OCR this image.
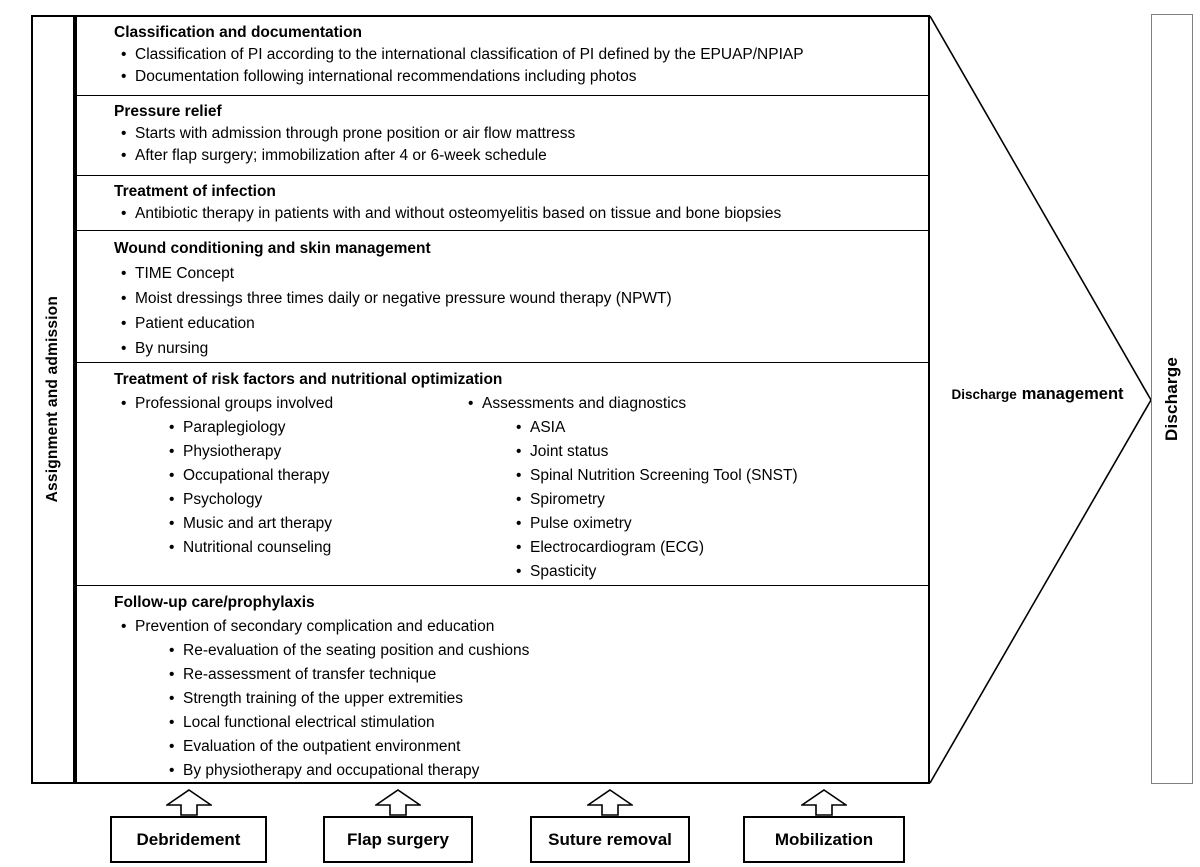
Assignment and admission
Classification and documentation
• Classification of PI according to the international classification of PI defined by the EPUAP/NPIAP
• Documentation following international recommendations including photos
Pressure relief
• Starts with admission through prone position or air flow mattress
• After flap surgery; immobilization after 4 or 6-week schedule
Treatment of infection
• Antibiotic therapy in patients with and without osteomyelitis based on tissue and bone biopsies
Wound conditioning and skin management
• TIME Concept
• Moist dressings three times daily or negative pressure wound therapy (NPWT)
• Patient education
• By nursing
Treatment of risk factors and nutritional optimization
• Professional groups involved
• Paraplegiology
• Physiotherapy
• Occupational therapy
• Psychology
• Music and art therapy
• Nutritional counseling
• Assessments and diagnostics
• ASIA
• Joint status
• Spinal Nutrition Screening Tool (SNST)
• Spirometry
• Pulse oximetry
• Electrocardiogram (ECG)
• Spasticity
Follow-up care/prophylaxis
• Prevention of secondary complication and education
• Re-evaluation of the seating position and cushions
• Re-assessment of transfer technique
• Strength training of the upper extremities
• Local functional electrical stimulation
• Evaluation of the outpatient environment
• By physiotherapy and occupational therapy
Discharge management Discharge
Debridement	Flap surgery	Suture removal	Mobilization
